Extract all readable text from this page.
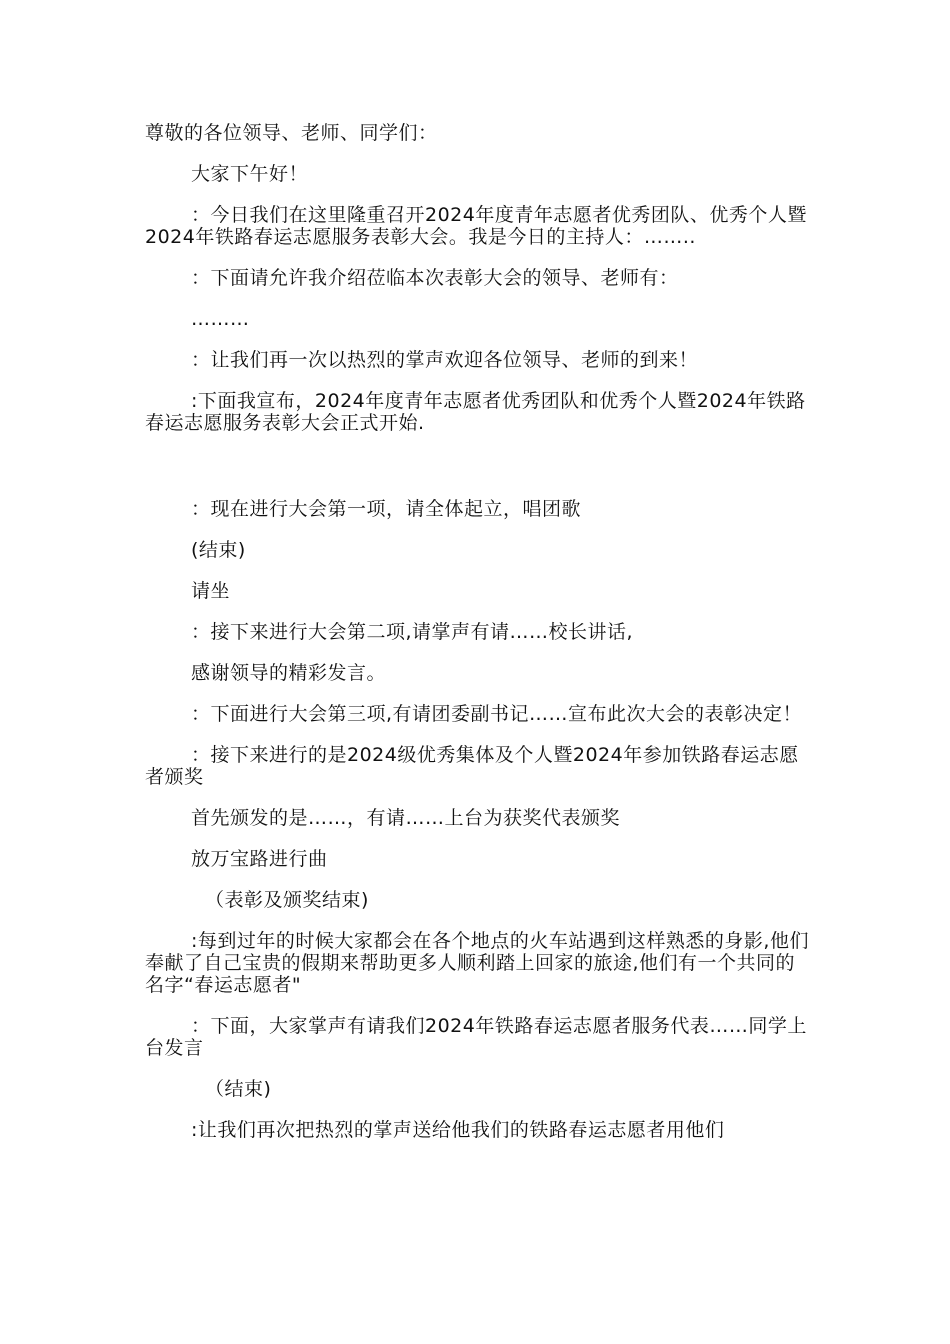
尊敬的各位领导、老师、同学们：

大家下午好！

：今日我们在这里隆重召开2024年度青年志愿者优秀团队、优秀个人暨2024年铁路春运志愿服务表彰大会。我是今日的主持人：……..

：下面请允许我介绍莅临本次表彰大会的领导、老师有：

………

：让我们再一次以热烈的掌声欢迎各位领导、老师的到来！

:下面我宣布，2024年度青年志愿者优秀团队和优秀个人暨2024年铁路春运志愿服务表彰大会正式开始.

：现在进行大会第一项，请全体起立，唱团歌

(结束)

请坐

：接下来进行大会第二项,请掌声有请……校长讲话,

感谢领导的精彩发言。

：下面进行大会第三项,有请团委副书记……宣布此次大会的表彰决定！

：接下来进行的是2024级优秀集体及个人暨2024年参加铁路春运志愿者颁奖

首先颁发的是……，有请……上台为获奖代表颁奖

放万宝路进行曲

（表彰及颁奖结束)

:每到过年的时候大家都会在各个地点的火车站遇到这样熟悉的身影,他们奉献了自己宝贵的假期来帮助更多人顺利踏上回家的旅途,他们有一个共同的名字“春运志愿者"

：下面，大家掌声有请我们2024年铁路春运志愿者服务代表……同学上台发言

（结束)

:让我们再次把热烈的掌声送给他我们的铁路春运志愿者用他们
